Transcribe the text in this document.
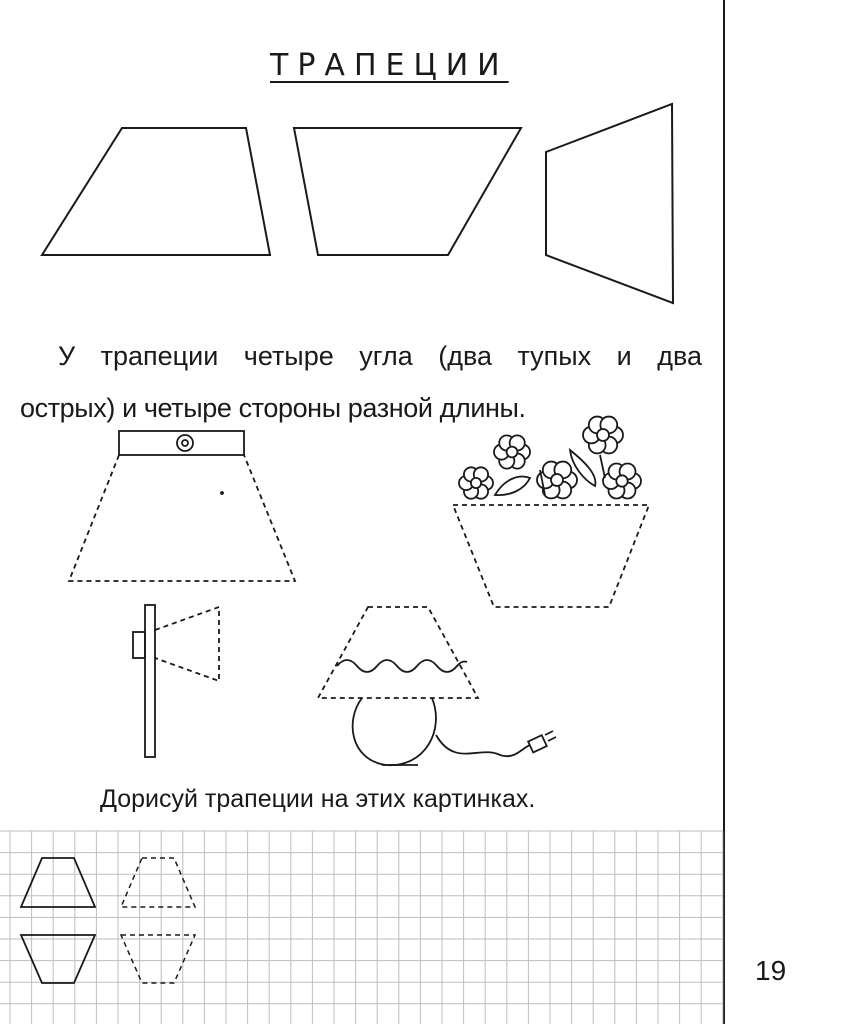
ТРАПЕЦИИ
У трапеции четыре угла (два тупых и два
острых) и четыре стороны разной длины.
Дорисуй трапеции на этих картинках.
19
